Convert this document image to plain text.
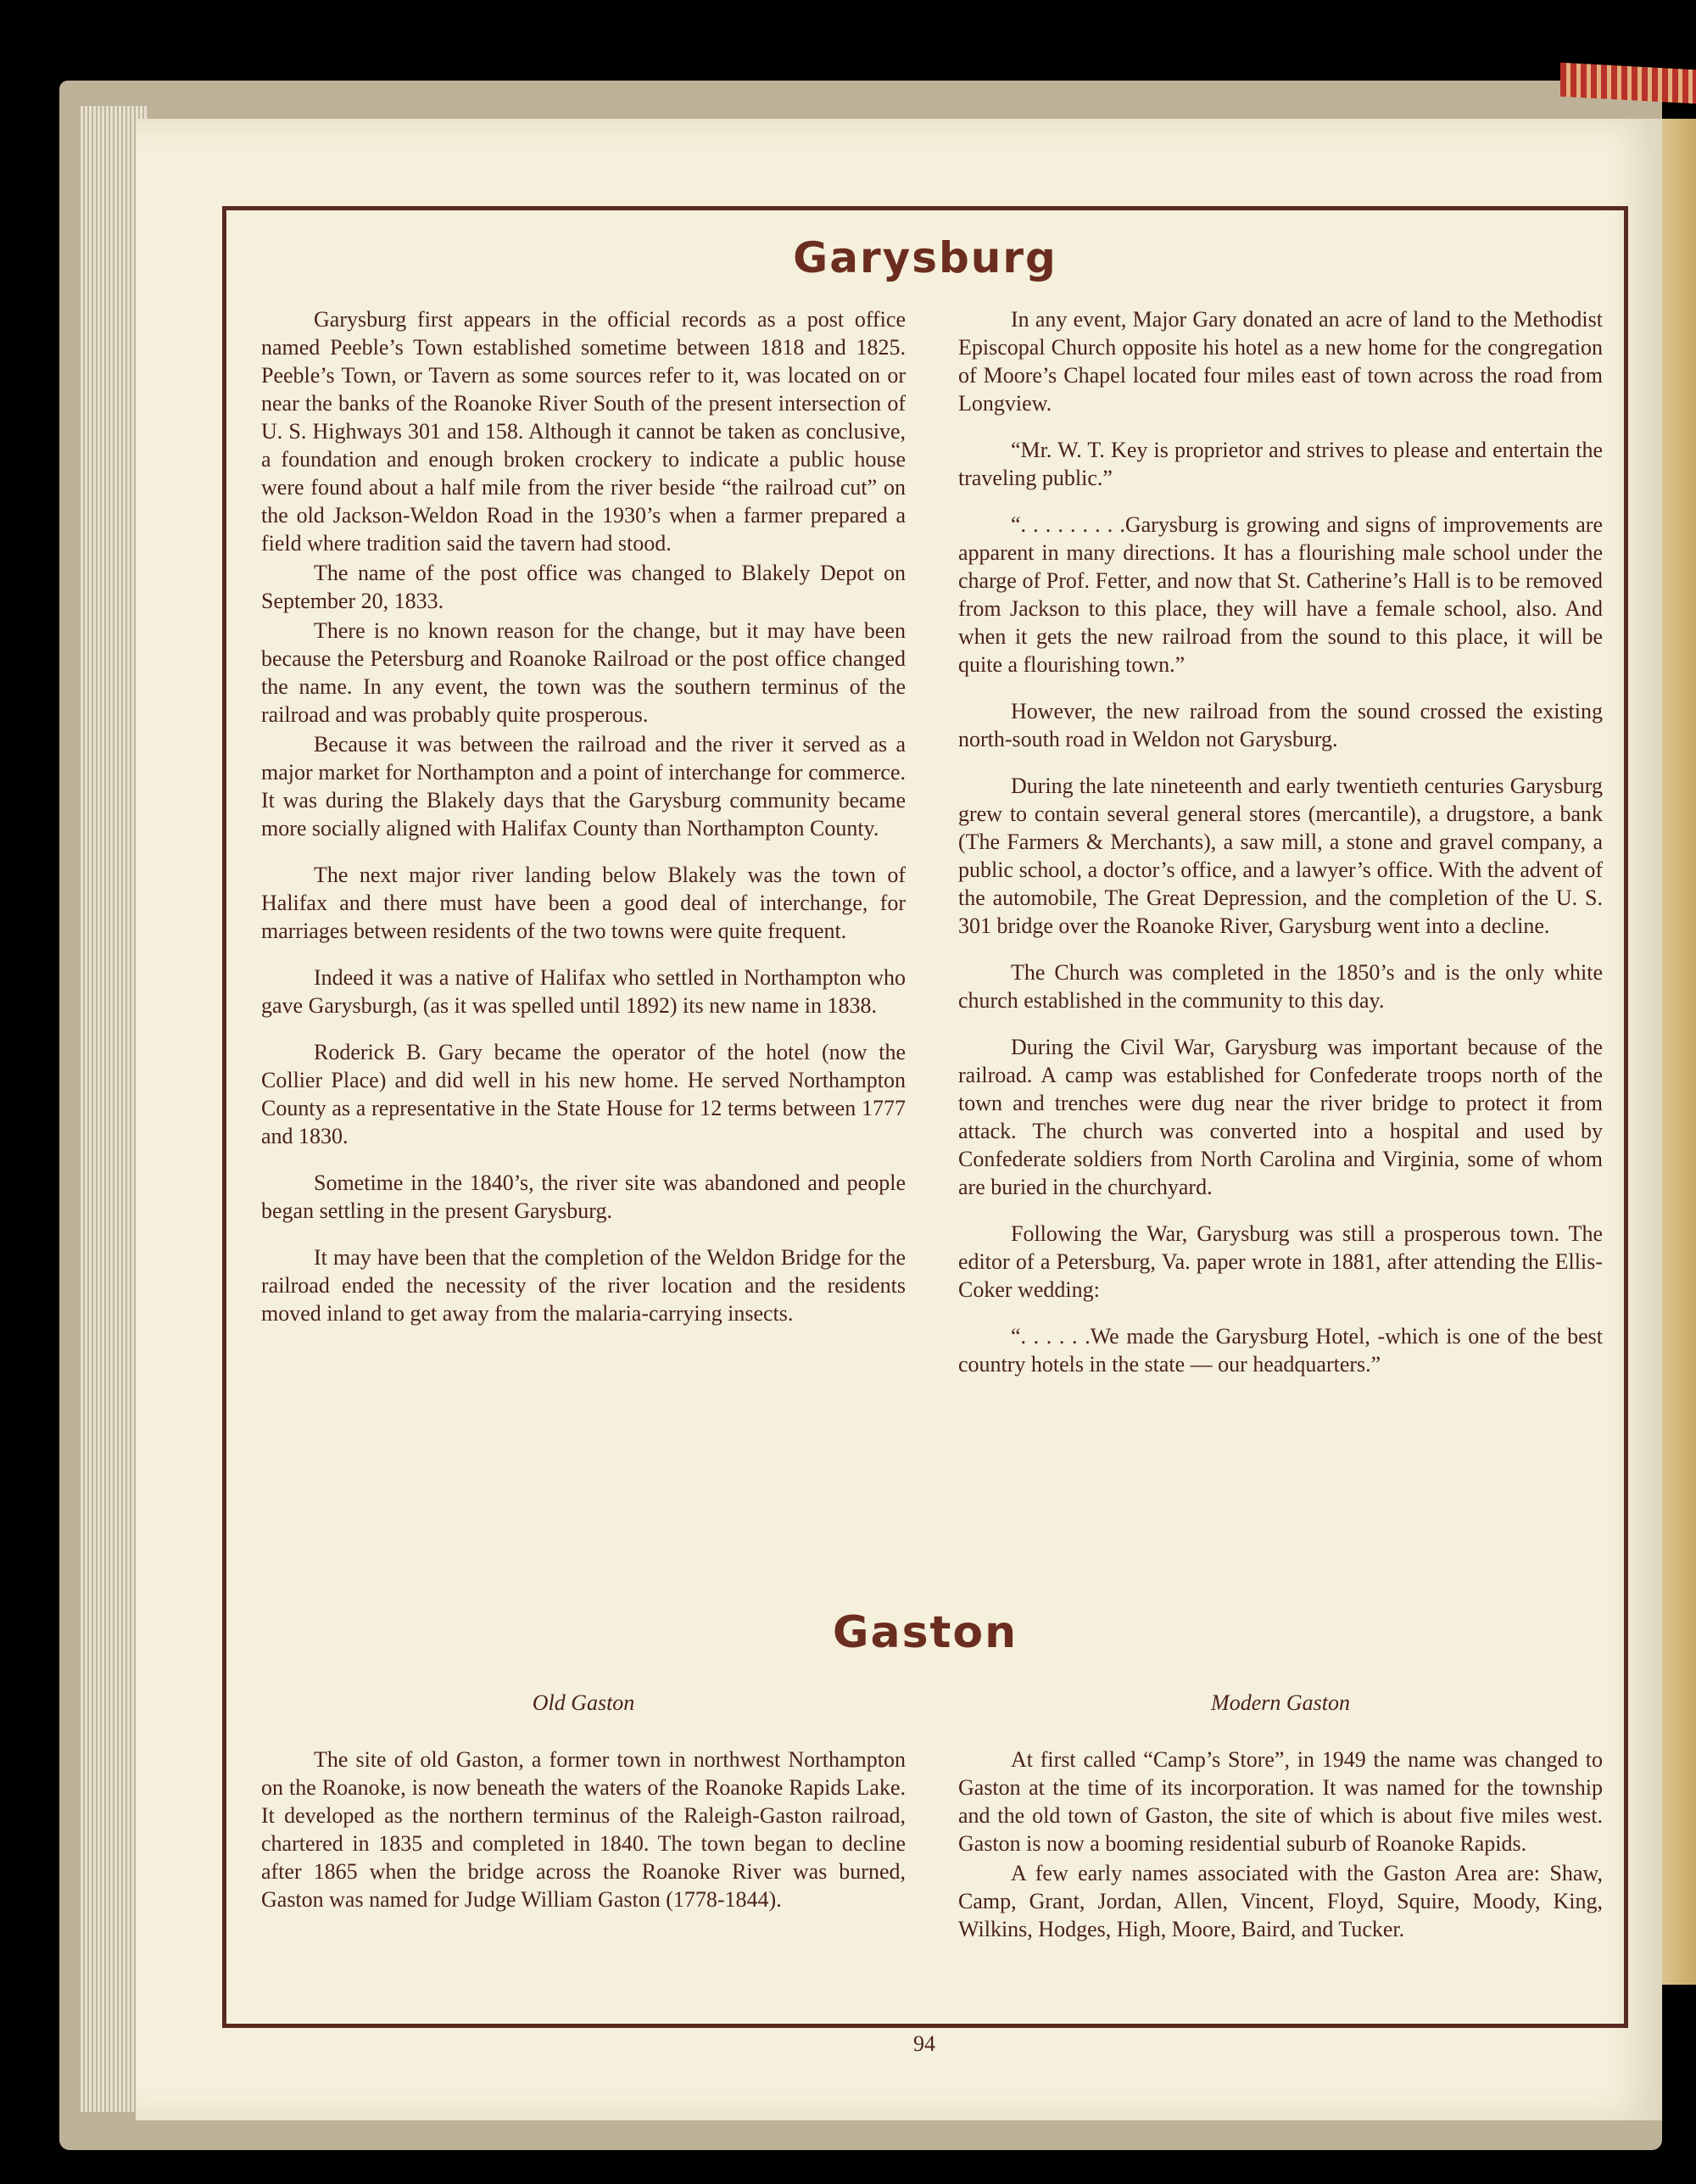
Garysburg

Garysburg first appears in the official records as a post office named Peeble’s Town established sometime between 1818 and 1825. Peeble’s Town, or Tavern as some sources refer to it, was located on or near the banks of the Roanoke River South of the present intersection of U. S. Highways 301 and 158. Although it cannot be taken as conclusive, a foundation and enough broken crockery to indicate a public house were found about a half mile from the river beside “the railroad cut” on the old Jackson-Weldon Road in the 1930’s when a farmer prepared a field where tradition said the tavern had stood.

The name of the post office was changed to Blakely Depot on September 20, 1833.

There is no known reason for the change, but it may have been because the Petersburg and Roanoke Railroad or the post office changed the name. In any event, the town was the southern terminus of the railroad and was probably quite prosperous.

Because it was between the railroad and the river it served as a major market for Northampton and a point of interchange for commerce. It was during the Blakely days that the Garysburg community became more socially aligned with Halifax County than Northampton County.

The next major river landing below Blakely was the town of Halifax and there must have been a good deal of interchange, for marriages between residents of the two towns were quite frequent.

Indeed it was a native of Halifax who settled in Northampton who gave Garysburgh, (as it was spelled until 1892) its new name in 1838.

Roderick B. Gary became the operator of the hotel (now the Collier Place) and did well in his new home. He served Northampton County as a representative in the State House for 12 terms between 1777 and 1830.

Sometime in the 1840’s, the river site was abandoned and people began settling in the present Garysburg.

It may have been that the completion of the Weldon Bridge for the railroad ended the necessity of the river location and the residents moved inland to get away from the malaria-carrying insects.

In any event, Major Gary donated an acre of land to the Methodist Episcopal Church opposite his hotel as a new home for the congregation of Moore’s Chapel located four miles east of town across the road from Longview.

“Mr. W. T. Key is proprietor and strives to please and entertain the traveling public.”

“. . . . . . . . .Garysburg is growing and signs of improvements are apparent in many directions. It has a flourishing male school under the charge of Prof. Fetter, and now that St. Catherine’s Hall is to be removed from Jackson to this place, they will have a female school, also. And when it gets the new railroad from the sound to this place, it will be quite a flourishing town.”

However, the new railroad from the sound crossed the existing north-south road in Weldon not Garysburg.

During the late nineteenth and early twentieth centuries Garysburg grew to contain several general stores (mercantile), a drugstore, a bank (The Farmers & Merchants), a saw mill, a stone and gravel company, a public school, a doctor’s office, and a lawyer’s office. With the advent of the automobile, The Great Depression, and the completion of the U. S. 301 bridge over the Roanoke River, Garysburg went into a decline.

The Church was completed in the 1850’s and is the only white church established in the community to this day.

During the Civil War, Garysburg was important because of the railroad. A camp was established for Confederate troops north of the town and trenches were dug near the river bridge to protect it from attack. The church was converted into a hospital and used by Confederate soldiers from North Carolina and Virginia, some of whom are buried in the churchyard.

Following the War, Garysburg was still a prosperous town. The editor of a Petersburg, Va. paper wrote in 1881, after attending the Ellis-Coker wedding:

“. . . . . .We made the Garysburg Hotel, -which is one of the best country hotels in the state — our headquarters.”

Gaston
Old Gaston	Modern Gaston

The site of old Gaston, a former town in northwest Northampton on the Roanoke, is now beneath the waters of the Roanoke Rapids Lake. It developed as the northern terminus of the Raleigh-Gaston railroad, chartered in 1835 and completed in 1840. The town began to decline after 1865 when the bridge across the Roanoke River was burned, Gaston was named for Judge William Gaston (1778-1844).

At first called “Camp’s Store”, in 1949 the name was changed to Gaston at the time of its incorporation. It was named for the township and the old town of Gaston, the site of which is about five miles west. Gaston is now a booming residential suburb of Roanoke Rapids.

A few early names associated with the Gaston Area are: Shaw, Camp, Grant, Jordan, Allen, Vincent, Floyd, Squire, Moody, King, Wilkins, Hodges, High, Moore, Baird, and Tucker.

94
